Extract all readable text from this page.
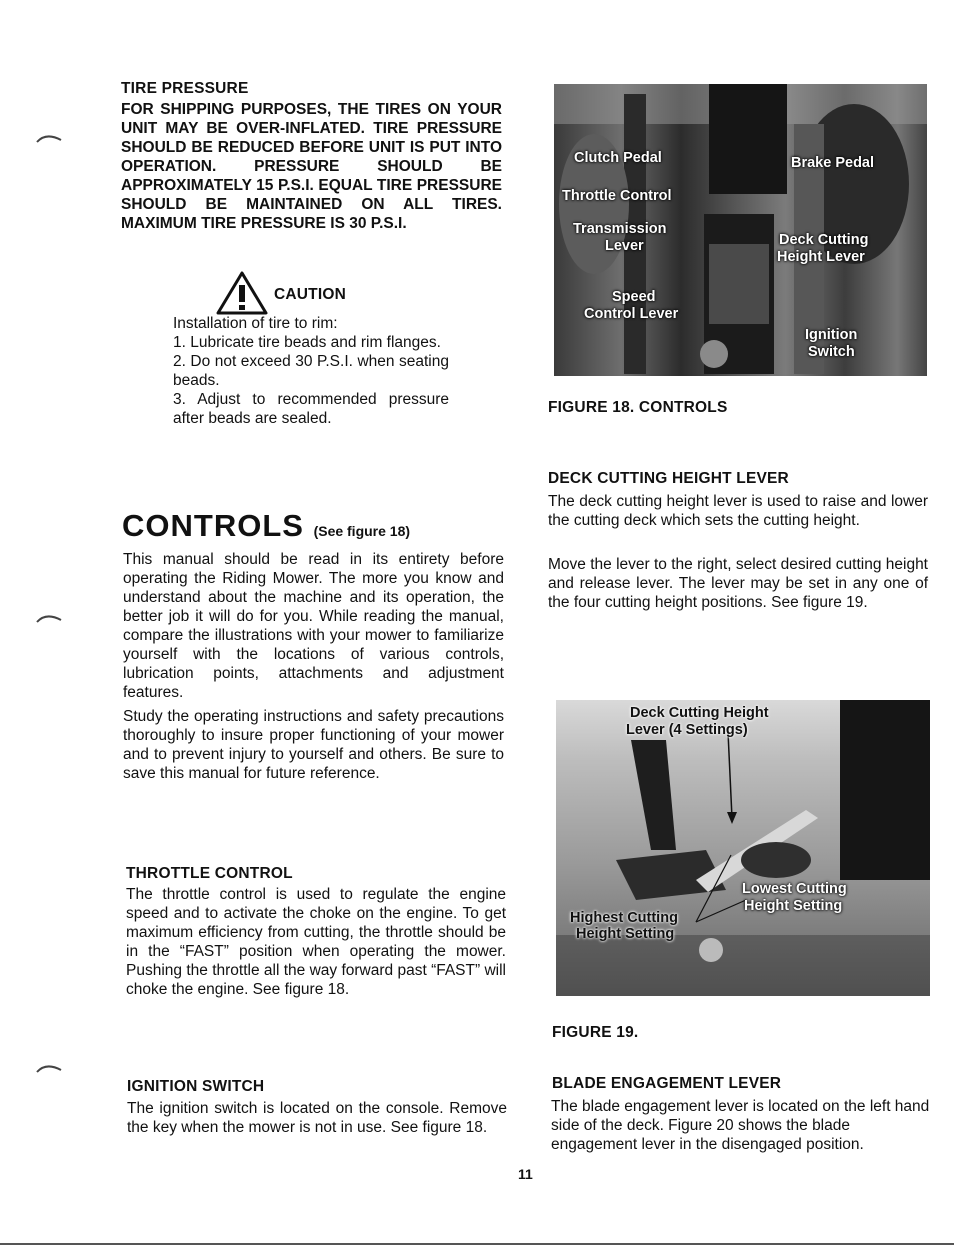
TIRE PRESSURE
FOR SHIPPING PURPOSES, THE TIRES ON YOUR UNIT MAY BE OVER-INFLATED. TIRE PRESSURE SHOULD BE REDUCED BEFORE UNIT IS PUT INTO OPERATION. PRESSURE SHOULD BE APPROXIMATELY 15 P.S.I. EQUAL TIRE PRESSURE SHOULD BE MAINTAINED ON ALL TIRES. MAXIMUM TIRE PRESSURE IS 30 P.S.I.
CAUTION
Installation of tire to rim:
1. Lubricate tire beads and rim flanges.
2. Do not exceed 30 P.S.I. when seating beads.
3. Adjust to recommended pressure after beads are sealed.
CONTROLS (See figure 18)
This manual should be read in its entirety before operating the Riding Mower. The more you know and understand about the machine and its operation, the better job it will do for you. While reading the manual, compare the illustrations with your mower to familiarize yourself with the locations of various controls, lubrication points, attachments and adjustment features.
Study the operating instructions and safety precautions thoroughly to insure proper functioning of your mower and to prevent injury to yourself and others. Be sure to save this manual for future reference.
THROTTLE CONTROL
The throttle control is used to regulate the engine speed and to activate the choke on the engine. To get maximum efficiency from cutting, the throttle should be in the “FAST” position when operating the mower. Pushing the throttle all the way forward past “FAST” will choke the engine. See figure 18.
IGNITION SWITCH
The ignition switch is located on the console. Remove the key when the mower is not in use. See figure 18.
Clutch Pedal	Brake Pedal
Throttle Control
Transmission
Lever	Deck Cutting
Height Lever
Speed
Control Lever
Ignition
Switch
FIGURE 18. CONTROLS
DECK CUTTING HEIGHT LEVER
The deck cutting height lever is used to raise and lower the cutting deck which sets the cutting height.
Move the lever to the right, select desired cutting height and release lever. The lever may be set in any one of the four cutting height positions. See figure 19.
Deck Cutting Height
Lever (4 Settings)
Lowest Cutting
Height Setting
Highest Cutting
Height Setting
FIGURE 19.
BLADE ENGAGEMENT LEVER
The blade engagement lever is located on the left hand side of the deck. Figure 20 shows the blade engagement lever in the disengaged position.
11
